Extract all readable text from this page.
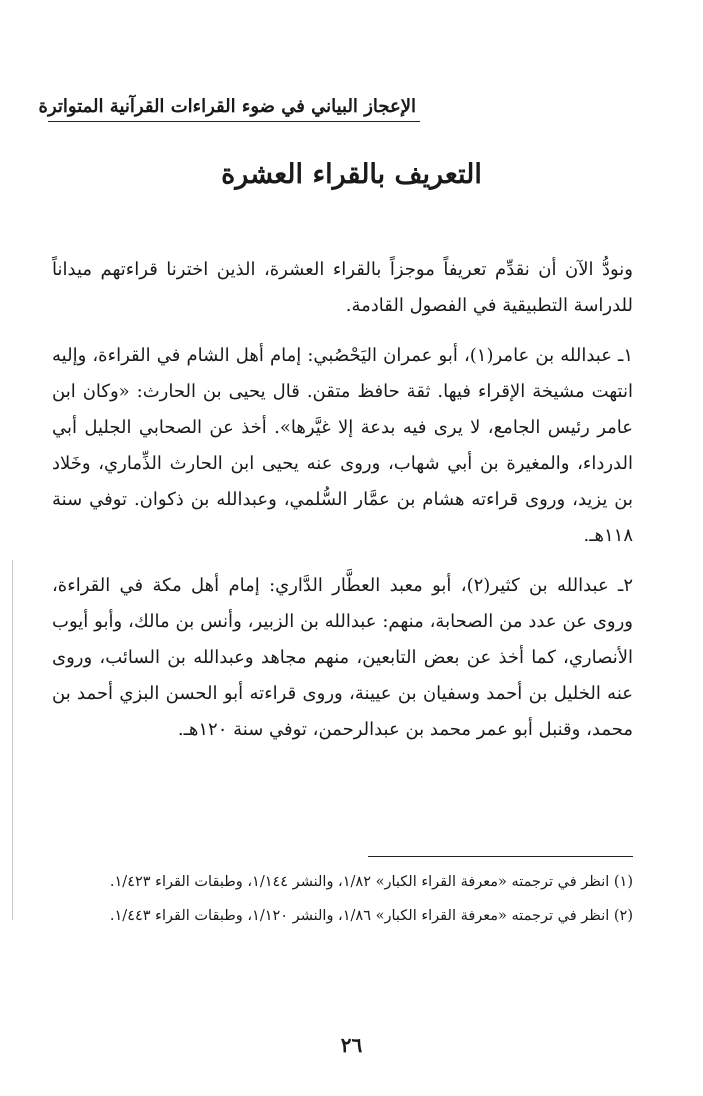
الإعجاز البياني في ضوء القراءات القرآنية المتواترة
التعريف بالقراء العشرة

ونودُّ الآن أن نقدِّم تعريفاً موجزاً بالقراء العشرة، الذين اخترنا قراءتهم ميداناً للدراسة التطبيقية في الفصول القادمة.

١ـ عبدالله بن عامر(١)، أبو عمران اليَحْصُبي: إمام أهل الشام في القراءة، وإليه انتهت مشيخة الإقراء فيها. ثقة حافظ متقن. قال يحيى بن الحارث: «وكان ابن عامر رئيس الجامع، لا يرى فيه بدعة إلا غيَّرها». أخذ عن الصحابي الجليل أبي الدرداء، والمغيرة بن أبي شهاب، وروى عنه يحيى ابن الحارث الذِّماري، وخَلاد بن يزيد، وروى قراءته هشام بن عمَّار السُّلمي، وعبدالله بن ذكوان. توفي سنة ١١٨هـ.

٢ـ عبدالله بن كثير(٢)، أبو معبد العطَّار الدَّاري: إمام أهل مكة في القراءة، وروى عن عدد من الصحابة، منهم: عبدالله بن الزبير، وأنس بن مالك، وأبو أيوب الأنصاري، كما أخذ عن بعض التابعين، منهم مجاهد وعبدالله بن السائب، وروى عنه الخليل بن أحمد وسفيان بن عيينة، وروى قراءته أبو الحسن البزي أحمد بن محمد، وقنبل أبو عمر محمد بن عبدالرحمن، توفي سنة ١٢٠هـ.

(١) انظر في ترجمته «معرفة القراء الكبار» ١/٨٢، والنشر ١/١٤٤، وطبقات القراء ١/٤٢٣.

(٢) انظر في ترجمته «معرفة القراء الكبار» ١/٨٦، والنشر ١/١٢٠، وطبقات القراء ١/٤٤٣.

٢٦
